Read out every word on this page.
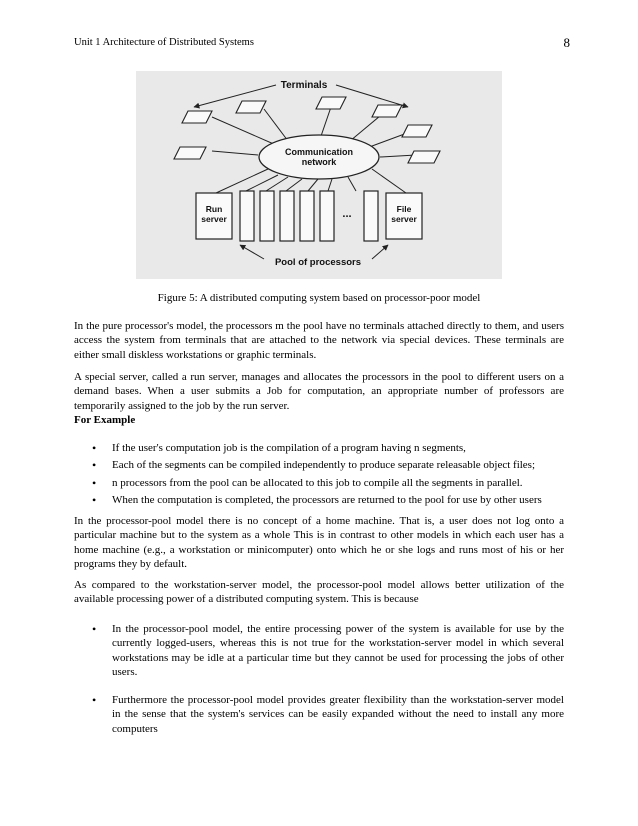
Unit 1 Architecture of Distributed Systems	8
Terminals
Communication
network
Run
server	...	File
server
Pool of processors
Figure 5: A distributed computing system based on processor-poor model

In the pure processor's model, the processors m the pool have no terminals attached directly to them, and users access the system from terminals that are attached to the network via special devices. These terminals are either small diskless workstations or graphic terminals.

A special server, called a run server, manages and allocates the processors in the pool to different users on a demand bases. When a user submits a Job for computation, an appropriate number of professors are temporarily assigned to the job by the run server.

For Example
• If the user's computation job is the compilation of a program having n segments,
• Each of the segments can be compiled independently to produce separate releasable object files;
• n processors from the pool can be allocated to this job to compile all the segments in parallel.
• When the computation is completed, the processors are returned to the pool for use by other users

In the processor-pool model there is no concept of a home machine. That is, a user does not log onto a particular machine but to the system as a whole This is in contrast to other models in which each user has a home machine (e.g., a workstation or minicomputer) onto which he or she logs and runs most of his or her programs they by default.

As compared to the workstation-server model, the processor-pool model allows better utilization of the available processing power of a distributed computing system. This is because

• In the processor-pool model, the entire processing power of the system is available for use by the currently logged-users, whereas this is not true for the workstation-server model in which several workstations may be idle at a particular time but they cannot be used for processing the jobs of other users.
• Furthermore the processor-pool model provides greater flexibility than the workstation-server model in the sense that the system's services can be easily expanded without the need to install any more computers
